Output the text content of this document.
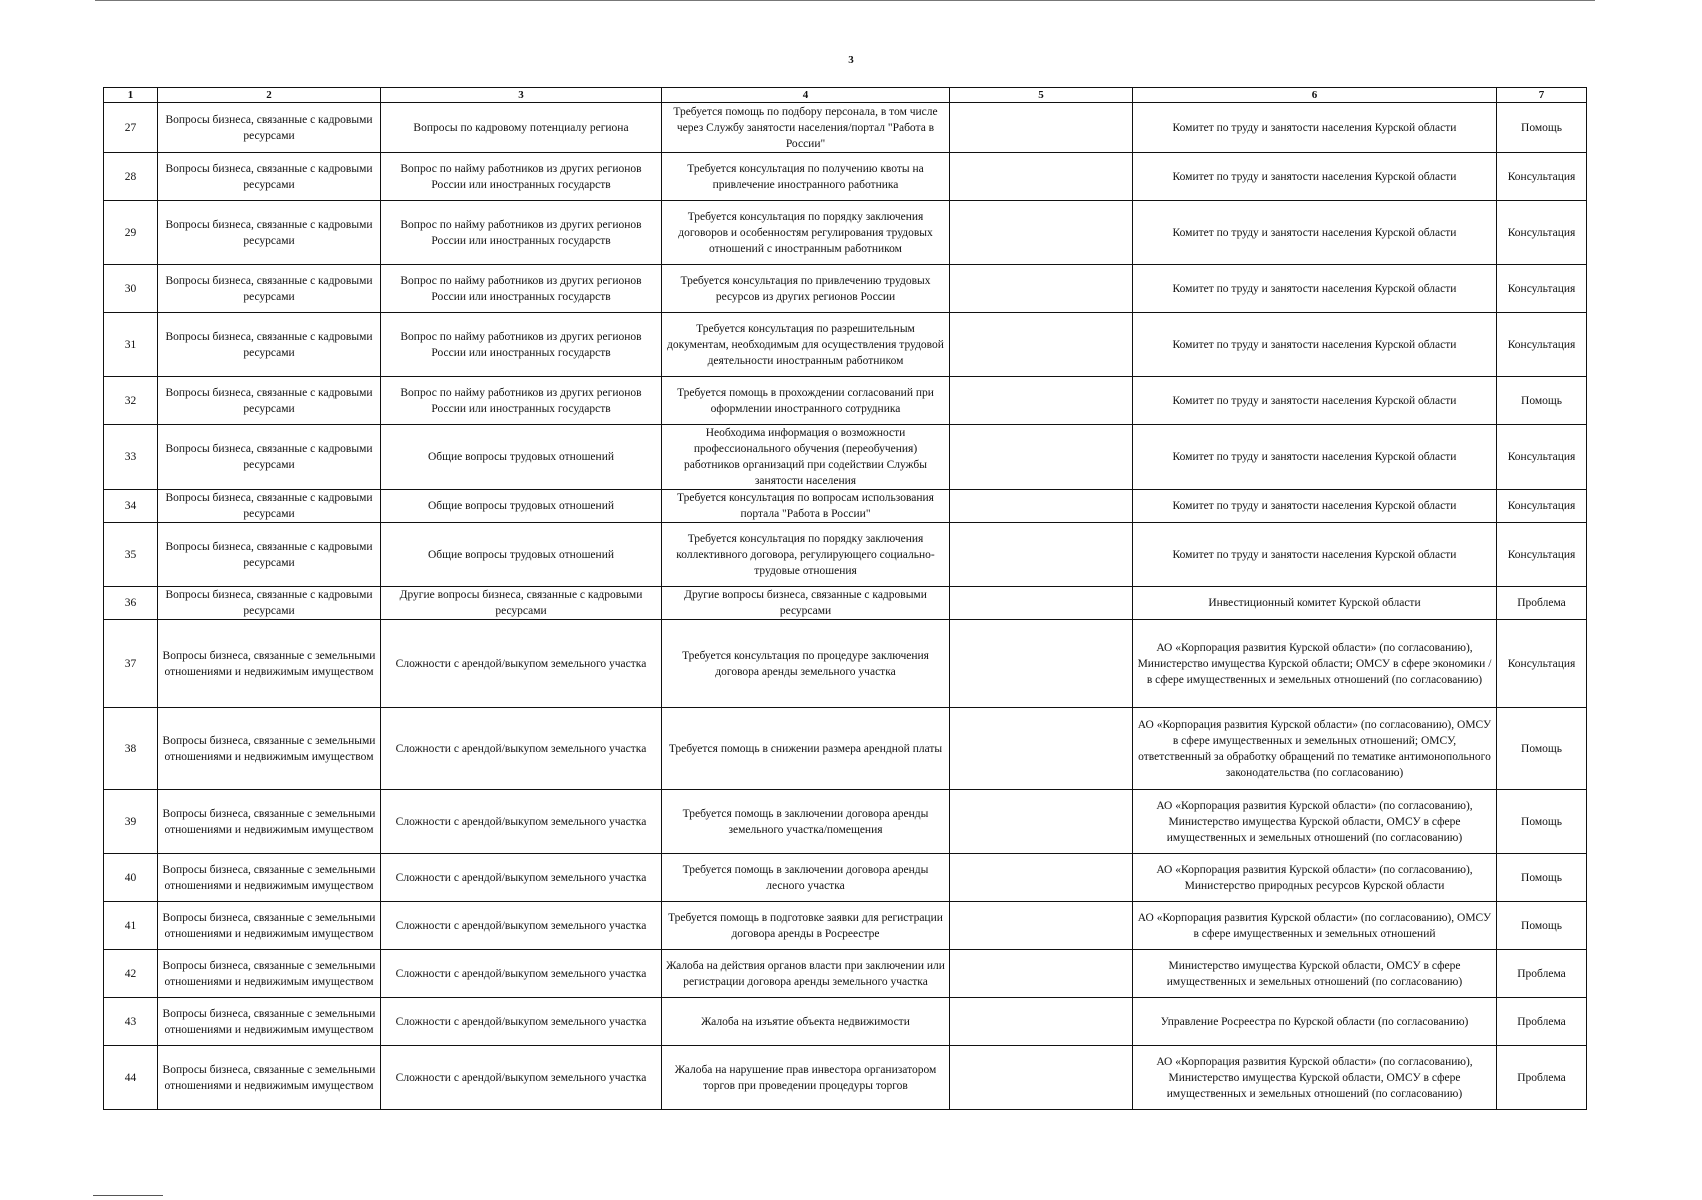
3
1	2	3	4	5	6	7
27	Вопросы бизнеса, связанные с кадровыми ресурсами	Вопросы по кадровому потенциалу региона	Требуется помощь по подбору персонала, в том числе через Службу занятости населения/портал "Работа в России"		Комитет по труду и занятости населения Курской области	Помощь
28	Вопросы бизнеса, связанные с кадровыми ресурсами	Вопрос по найму работников из других регионов России или иностранных государств	Требуется консультация по получению квоты на привлечение иностранного работника		Комитет по труду и занятости населения Курской области	Консультация
29	Вопросы бизнеса, связанные с кадровыми ресурсами	Вопрос по найму работников из других регионов России или иностранных государств	Требуется консультация по порядку заключения договоров и особенностям регулирования трудовых отношений с иностранным работником		Комитет по труду и занятости населения Курской области	Консультация
30	Вопросы бизнеса, связанные с кадровыми ресурсами	Вопрос по найму работников из других регионов России или иностранных государств	Требуется консультация по привлечению трудовых ресурсов из других регионов России		Комитет по труду и занятости населения Курской области	Консультация
31	Вопросы бизнеса, связанные с кадровыми ресурсами	Вопрос по найму работников из других регионов России или иностранных государств	Требуется консультация по разрешительным документам, необходимым для осуществления трудовой деятельности иностранным работником		Комитет по труду и занятости населения Курской области	Консультация
32	Вопросы бизнеса, связанные с кадровыми ресурсами	Вопрос по найму работников из других регионов России или иностранных государств	Требуется помощь в прохождении согласований при оформлении иностранного сотрудника		Комитет по труду и занятости населения Курской области	Помощь
33	Вопросы бизнеса, связанные с кадровыми ресурсами	Общие вопросы трудовых отношений	Необходима информация о возможности профессионального обучения (переобучения) работников организаций при содействии Службы занятости населения		Комитет по труду и занятости населения Курской области	Консультация
34	Вопросы бизнеса, связанные с кадровыми ресурсами	Общие вопросы трудовых отношений	Требуется консультация по вопросам использования портала "Работа в России"		Комитет по труду и занятости населения Курской области	Консультация
35	Вопросы бизнеса, связанные с кадровыми ресурсами	Общие вопросы трудовых отношений	Требуется консультация по порядку заключения коллективного договора, регулирующего социально-трудовые отношения		Комитет по труду и занятости населения Курской области	Консультация
36	Вопросы бизнеса, связанные с кадровыми ресурсами	Другие вопросы бизнеса, связанные с кадровыми ресурсами	Другие вопросы бизнеса, связанные с кадровыми ресурсами		Инвестиционный комитет Курской области	Проблема
37	Вопросы бизнеса, связанные с земельными отношениями и недвижимым имуществом	Сложности с арендой/выкупом земельного участка	Требуется консультация по процедуре заключения договора аренды земельного участка		АО «Корпорация развития Курской области» (по согласованию), Министерство имущества Курской области; ОМСУ в сфере экономики / в сфере имущественных и земельных отношений (по согласованию)	Консультация
38	Вопросы бизнеса, связанные с земельными отношениями и недвижимым имуществом	Сложности с арендой/выкупом земельного участка	Требуется помощь в снижении размера арендной платы		АО «Корпорация развития Курской области» (по согласованию), ОМСУ в сфере имущественных и земельных отношений; ОМСУ, ответственный за обработку обращений по тематике антимонопольного законодательства (по согласованию)	Помощь
39	Вопросы бизнеса, связанные с земельными отношениями и недвижимым имуществом	Сложности с арендой/выкупом земельного участка	Требуется помощь в заключении договора аренды земельного участка/помещения		АО «Корпорация развития Курской области» (по согласованию), Министерство имущества Курской области, ОМСУ в сфере имущественных и земельных отношений (по согласованию)	Помощь
40	Вопросы бизнеса, связанные с земельными отношениями и недвижимым имуществом	Сложности с арендой/выкупом земельного участка	Требуется помощь в заключении договора аренды лесного участка		АО «Корпорация развития Курской области» (по согласованию), Министерство природных ресурсов Курской области	Помощь
41	Вопросы бизнеса, связанные с земельными отношениями и недвижимым имуществом	Сложности с арендой/выкупом земельного участка	Требуется помощь в подготовке заявки для регистрации договора аренды в Росреестре		АО «Корпорация развития Курской области» (по согласованию), ОМСУ в сфере имущественных и земельных отношений	Помощь
42	Вопросы бизнеса, связанные с земельными отношениями и недвижимым имуществом	Сложности с арендой/выкупом земельного участка	Жалоба на действия органов власти при заключении или регистрации договора аренды земельного участка		Министерство имущества Курской области, ОМСУ в сфере имущественных и земельных отношений (по согласованию)	Проблема
43	Вопросы бизнеса, связанные с земельными отношениями и недвижимым имуществом	Сложности с арендой/выкупом земельного участка	Жалоба на изъятие объекта недвижимости		Управление Росреестра по Курской области (по согласованию)	Проблема
44	Вопросы бизнеса, связанные с земельными отношениями и недвижимым имуществом	Сложности с арендой/выкупом земельного участка	Жалоба на нарушение прав инвестора организатором торгов при проведении процедуры торгов		АО «Корпорация развития Курской области» (по согласованию), Министерство имущества Курской области, ОМСУ в сфере имущественных и земельных отношений (по согласованию)	Проблема
